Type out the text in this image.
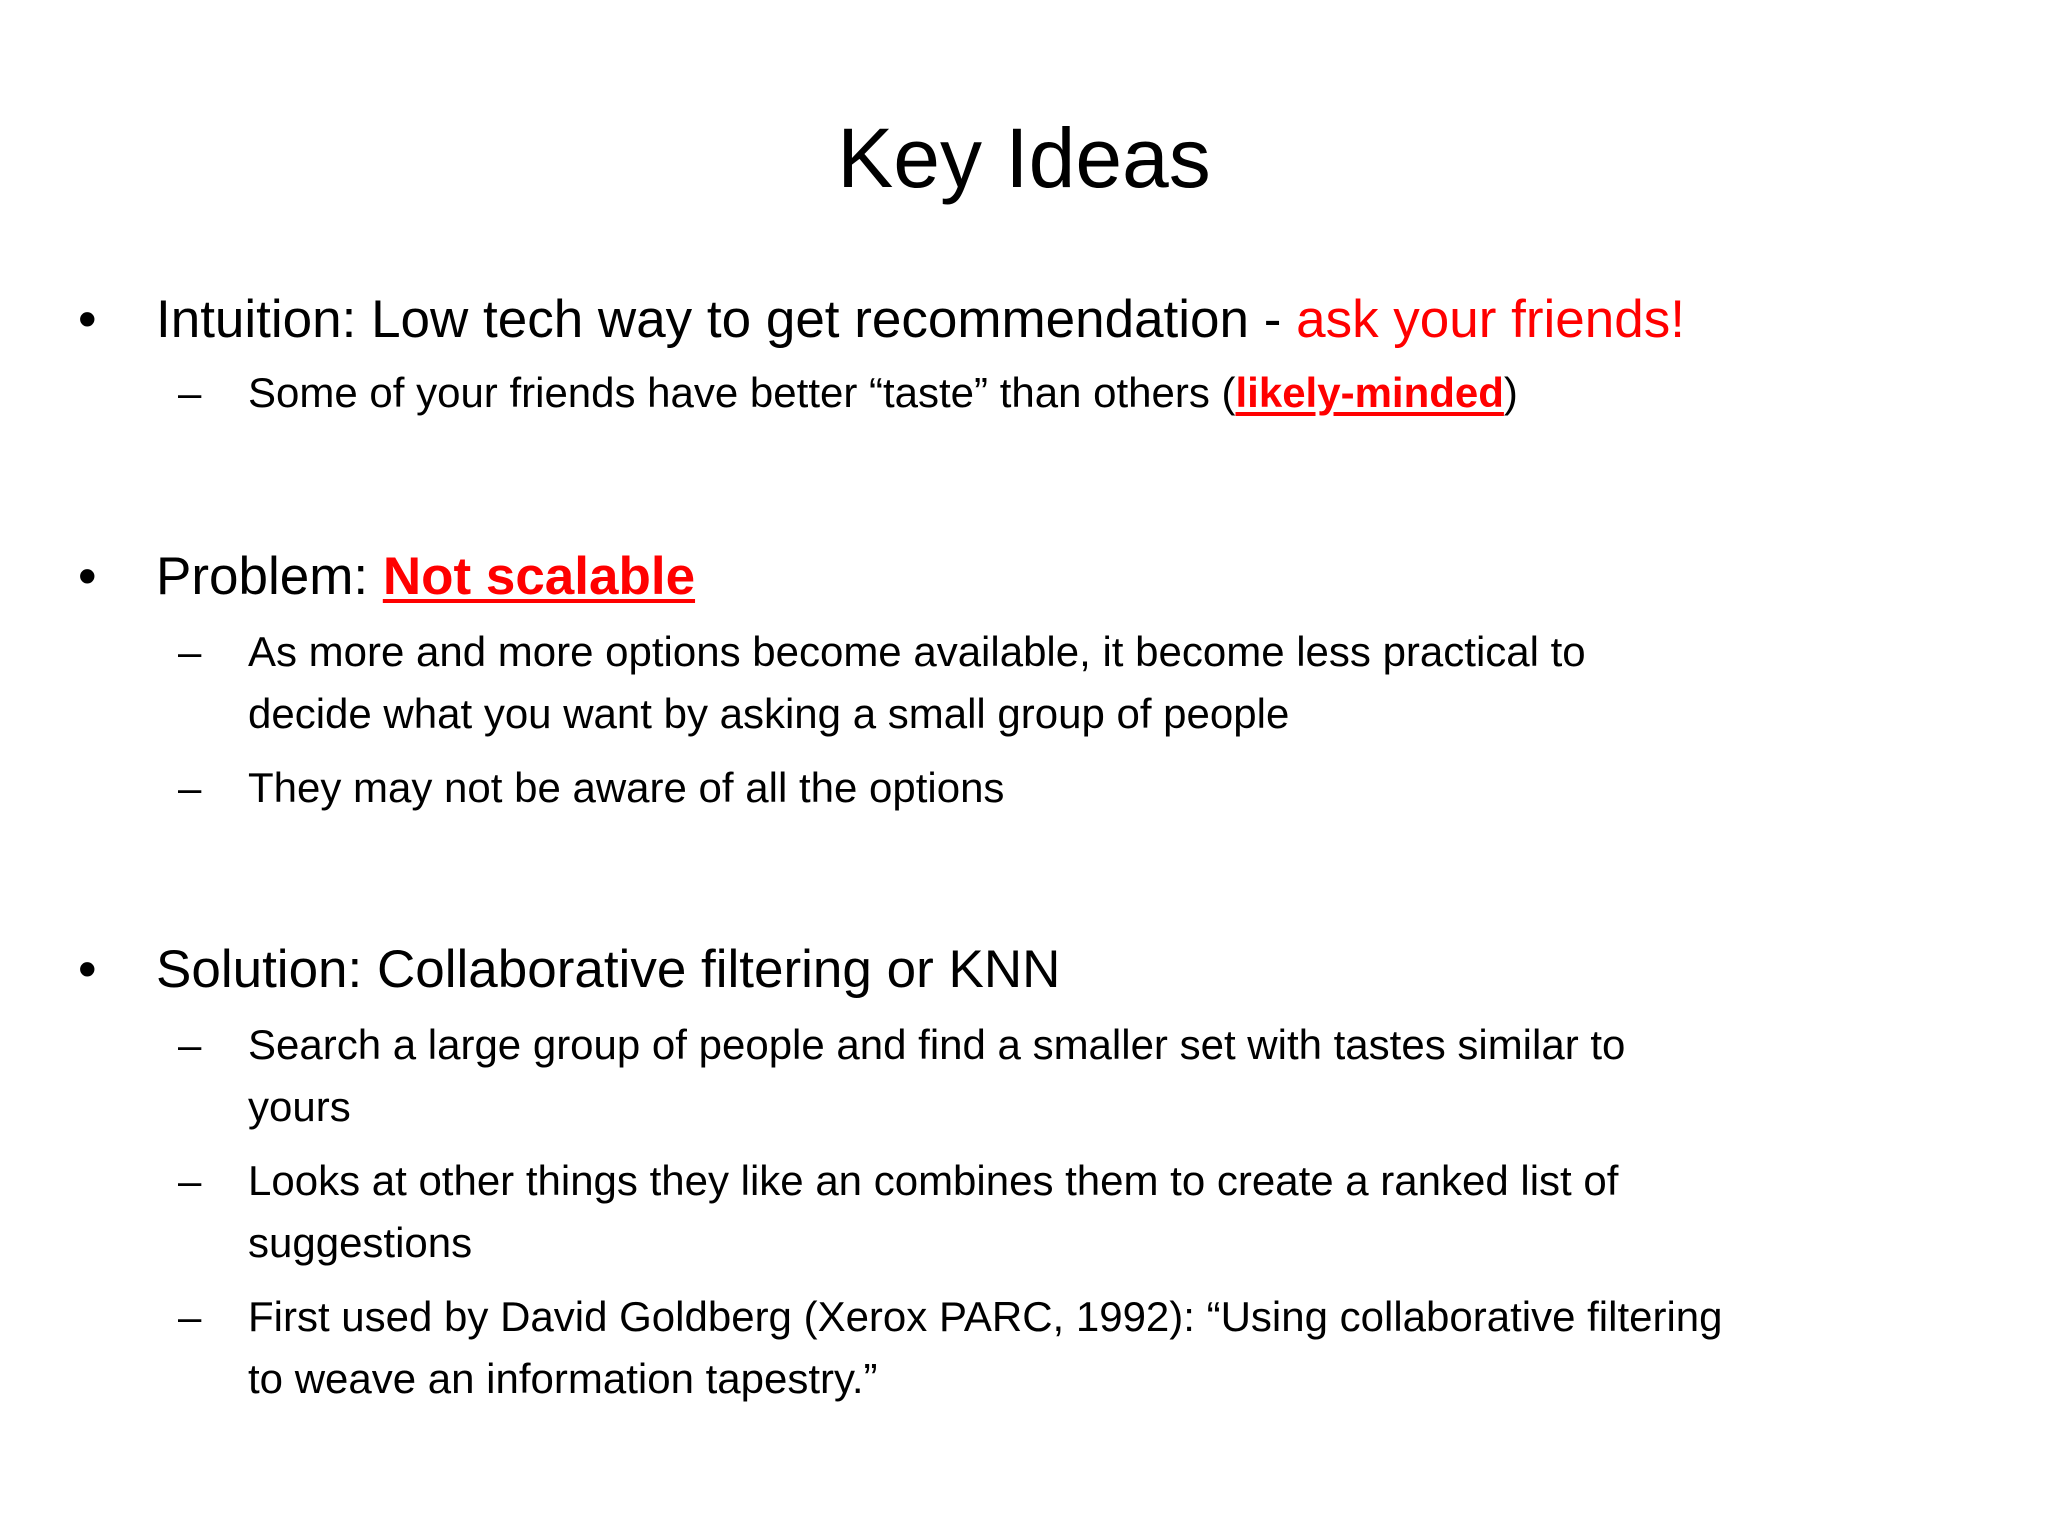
Key Ideas
•	Intuition: Low tech way to get recommendation - ask your friends!
– Some of your friends have better “taste” than others (likely-minded)
•	Problem: Not scalable
– As more and more options become available, it become less practical to
decide what you want by asking a small group of people
– They may not be aware of all the options
•	Solution: Collaborative filtering or KNN
– Search a large group of people and find a smaller set with tastes similar to
yours
– Looks at other things they like an combines them to create a ranked list of
suggestions
– First used by David Goldberg (Xerox PARC, 1992): “Using collaborative filtering
to weave an information tapestry.”
